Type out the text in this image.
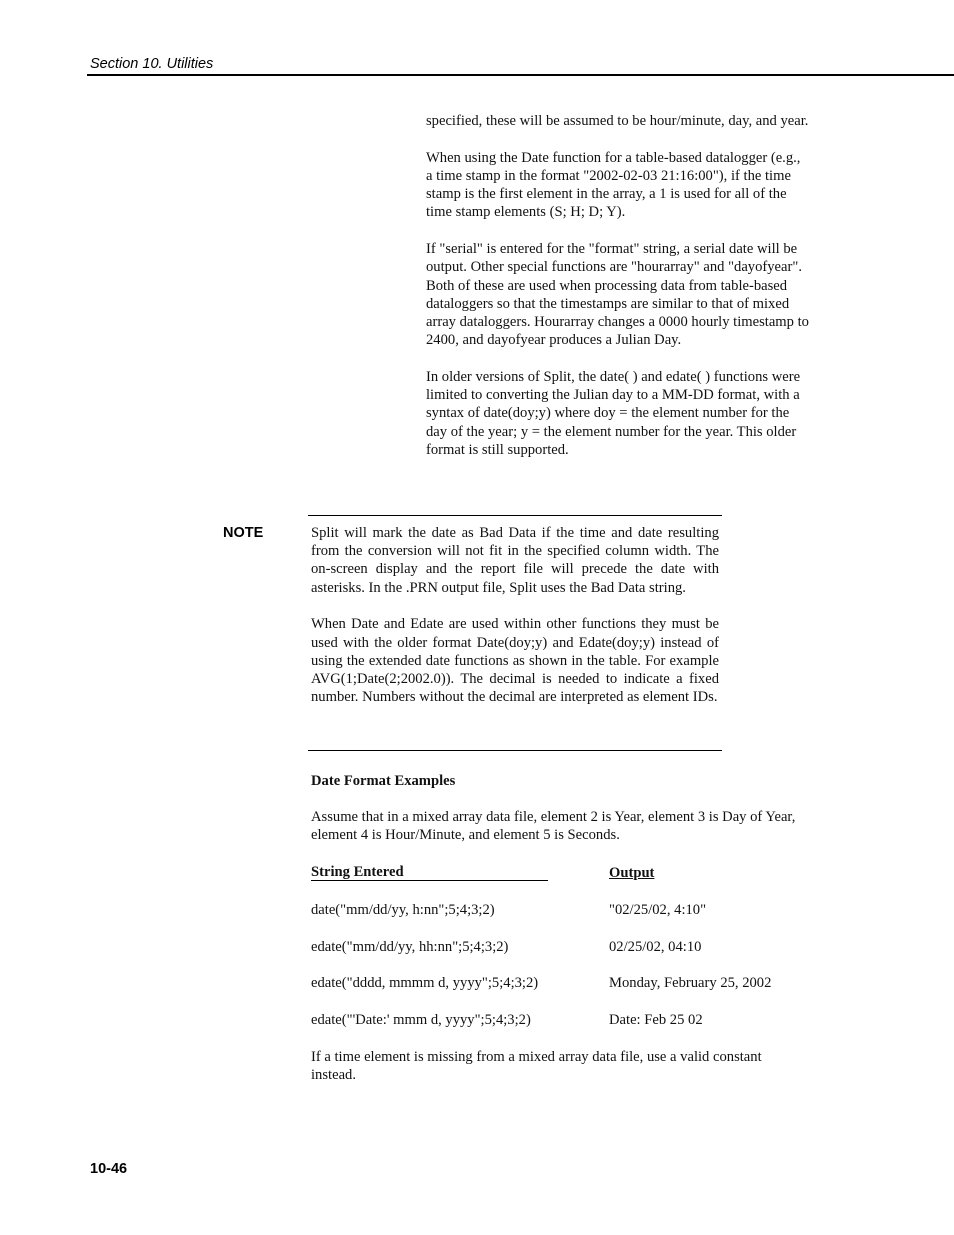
Section 10. Utilities

specified, these will be assumed to be hour/minute, day, and year.

When using the Date function for a table-based datalogger (e.g., a time stamp in the format "2002-02-03 21:16:00"), if the time stamp is the first element in the array, a 1 is used for all of the time stamp elements (S; H; D; Y).

If "serial" is entered for the "format" string, a serial date will be output. Other special functions are "hourarray" and "dayofyear". Both of these are used when processing data from table-based dataloggers so that the timestamps are similar to that of mixed array dataloggers. Hourarray changes a 0000 hourly timestamp to 2400, and dayofyear produces a Julian Day.

In older versions of Split, the date( ) and edate( ) functions were limited to converting the Julian day to a MM-DD format, with a syntax of date(doy;y) where doy = the element number for the day of the year; y = the element number for the year. This older format is still supported.

NOTE	Split will mark the date as Bad Data if the time and date resulting from the conversion will not fit in the specified column width. The on-screen display and the report file will precede the date with asterisks. In the .PRN output file, Split uses the Bad Data string.

When Date and Edate are used within other functions they must be used with the older format Date(doy;y) and Edate(doy;y) instead of using the extended date functions as shown in the table. For example AVG(1;Date(2;2002.0)). The decimal is needed to indicate a fixed number. Numbers without the decimal are interpreted as element IDs.

Date Format Examples

Assume that in a mixed array data file, element 2 is Year, element 3 is Day of Year, element 4 is Hour/Minute, and element 5 is Seconds.

String Entered	Output
date("mm/dd/yy, h:nn";5;4;3;2)	"02/25/02, 4:10"
edate("mm/dd/yy, hh:nn";5;4;3;2)	02/25/02, 04:10
edate("dddd, mmmm d, yyyy";5;4;3;2)	Monday, February 25, 2002
edate("'Date:' mmm d, yyyy";5;4;3;2)	Date: Feb 25 02

If a time element is missing from a mixed array data file, use a valid constant instead.

10-46
